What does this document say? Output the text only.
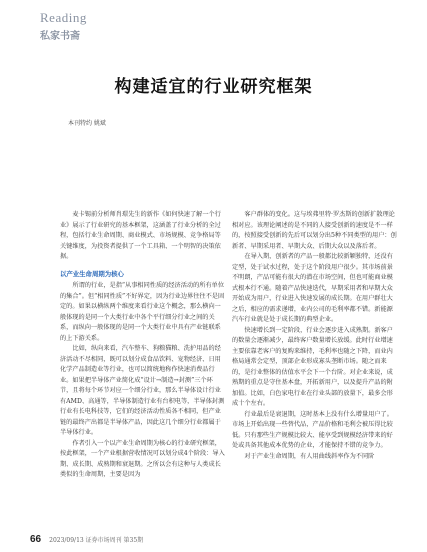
Reading
私家书斋
构建适宜的行业研究框架
本刊特约 姚斌

麦卡锡前分析师肖璟先生的新作《如何快速了解一个行业》展示了行业研究的基本框架，这涵盖了行业分析的全过程，包括行业生命周期、商业模式、市场规模、竞争格局等关键维度，为投资者提供了一个工具箱、一个明智的决策依据。

以产业生命周期为核心

所谓的行业，是指“从事相同性质的经济活动的所有单位的集合”。但“相同性质”不好界定，因为行业边界往往不是固定的。如果以横纵两个维度来看行业这个概念，那么横向一般体现的是同一个大类行业中各个平行细分行业之间的关系，而纵向一般体现的是同一个大类行业中具有产业链联系的上下游关系。

比如，纵向来看，汽车整车、狗粮猫粮、洗护用品的经济活动不尽相同，既可以划分成食品饮料、宠物经济、日用化学产品制造业等行业，也可以简统地称作快速消费品行业。如果把半导体产业简化成“设计→制造→封测”三个环节，且将每个环节对应一个细分行业，那么半导体设计行业有AMD、高通等，半导体制造行业有台积电等，半导体封测行业有长电科技等，它们的经济活动性质各不相同，但产业链的最终产出都是半导体产品，因此这几个细分行业都属于半导体行业。

作者引入一个以产业生命周期为核心的行业研究框架，按此框架，一个产业根据营收情况可以划分成4个阶段：导入期、成长期、成熟期和衰退期。之所以会有这种与人类成长类似的生命周期，主要是因为

客户群体的变化。这与埃弗里特·罗杰斯的创新扩散理论相对应。该理论阐述的是不同的人接受创新的速度是不一样的，按照接受创新的先后可以划分出5种不同类型的用户：创新者、早期采用者、早期大众、后期大众以及落后者。

在导入期，创新者的产品一般都比较新颖独特，还没有定型，处于试水过程，处于这个阶段用户很少。其市场前景不明朗，产品可能有很大的潜在市场空间，但也可能商业模式根本行不通。随着产品快速迭代，早期采用者和早期大众开始成为用户，行业进入快速发展的成长期。在用户群壮大之后，相应的需求递增，业内公司的毛利率都不错。新能源汽车行业就是处于成长期的典型企业。

快速增长到一定阶段，行业会逐步进入成熟期。新客户的数量会逐渐减少，最终客户数量增长放缓。此时行业增速主要依靠老客户的复购来维持，毛利率也随之下降，而业内格局通常会定型，顶部企业形成寡头垄断市场。随之而来的，是行业整体的估值水平会下一个台阶。对企业来说，成熟期的重点是守住基本盘，开拓新用户，以及提升产品的附加值。比如，白色家电行业在行业头部的放量下，最多会形成十个左右。

行业最后是衰退期，这时基本上没有什么增量用户了。市场上开始出现一些替代品，产品价格和毛利会被压得比较低。只有那些生产规模比较大、能享受到规模经济带来的好处或具备其他成本优势的企业，才能保持不错的竞争力。

对于产业生命周期，有人用曲线斜率作为不同阶

66 2023/09/13 证券市场周刊 第35期
